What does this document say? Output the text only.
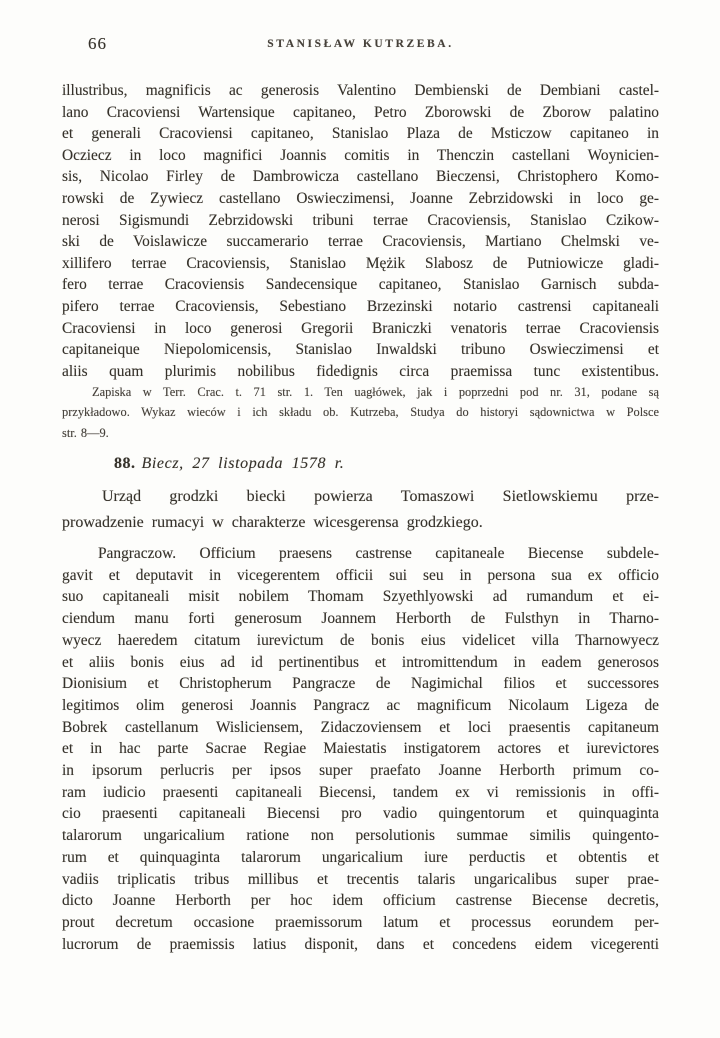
66	STANISŁAW KUTRZEBA.
illustribus, magnificis ac generosis Valentino Dembienski de Dembiani castel-
lano Cracoviensi Wartensique capitaneo, Petro Zborowski de Zborow palatino
et generali Cracoviensi capitaneo, Stanislao Plaza de Msticzow capitaneo in
Ocziecz in loco magnifici Joannis comitis in Thenczin castellani Woynicien-
sis, Nicolao Firley de Dambrowicza castellano Bieczensi, Christophero Komo-
rowski de Zywiecz castellano Oswieczimensi, Joanne Zebrzidowski in loco ge-
nerosi Sigismundi Zebrzidowski tribuni terrae Cracoviensis, Stanislao Czikow-
ski de Voislawicze succamerario terrae Cracoviensis, Martiano Chelmski ve-
xillifero terrae Cracoviensis, Stanislao Mężik Slabosz de Putniowicze gladi-
fero terrae Cracoviensis Sandecensique capitaneo, Stanislao Garnisch subda-
pifero terrae Cracoviensis, Sebestiano Brzezinski notario castrensi capitaneali
Cracoviensi in loco generosi Gregorii Braniczki venatoris terrae Cracoviensis
capitaneique Niepolomicensis, Stanislao Inwaldski tribuno Oswieczimensi et
aliis quam plurimis nobilibus fidedignis circa praemissa tunc existentibus.
Zapiska w Terr. Crac. t. 71 str. 1. Ten uagłówek, jak i poprzedni pod nr. 31, podane są
przykładowo. Wykaz wieców i ich składu ob. Kutrzeba, Studya do historyi sądownictwa w Polsce
str. 8—9.
88. Biecz, 27 listopada 1578 r.
Urząd grodzki biecki powierza Tomaszowi Sietlowskiemu prze-
prowadzenie rumacyi w charakterze wicesgerensa grodzkiego.
Pangraczow. Officium praesens castrense capitaneale Biecense subdele-
gavit et deputavit in vicegerentem officii sui seu in persona sua ex officio
suo capitaneali misit nobilem Thomam Szyethlyowski ad rumandum et ei-
ciendum manu forti generosum Joannem Herborth de Fulsthyn in Tharno-
wyecz haeredem citatum iurevictum de bonis eius videlicet villa Tharnowyecz
et aliis bonis eius ad id pertinentibus et intromittendum in eadem generosos
Dionisium et Christopherum Pangracze de Nagimichal filios et successores
legitimos olim generosi Joannis Pangracz ac magnificum Nicolaum Ligeza de
Bobrek castellanum Wisliciensem, Zidaczoviensem et loci praesentis capitaneum
et in hac parte Sacrae Regiae Maiestatis instigatorem actores et iurevictores
in ipsorum perlucris per ipsos super praefato Joanne Herborth primum co-
ram iudicio praesenti capitaneali Biecensi, tandem ex vi remissionis in offi-
cio praesenti capitaneali Biecensi pro vadio quingentorum et quinquaginta
talarorum ungaricalium ratione non persolutionis summae similis quingento-
rum et quinquaginta talarorum ungaricalium iure perductis et obtentis et
vadiis triplicatis tribus millibus et trecentis talaris ungaricalibus super prae-
dicto Joanne Herborth per hoc idem officium castrense Biecense decretis,
prout decretum occasione praemissorum latum et processus eorundem per-
lucrorum de praemissis latius disponit, dans et concedens eidem vicegerenti
